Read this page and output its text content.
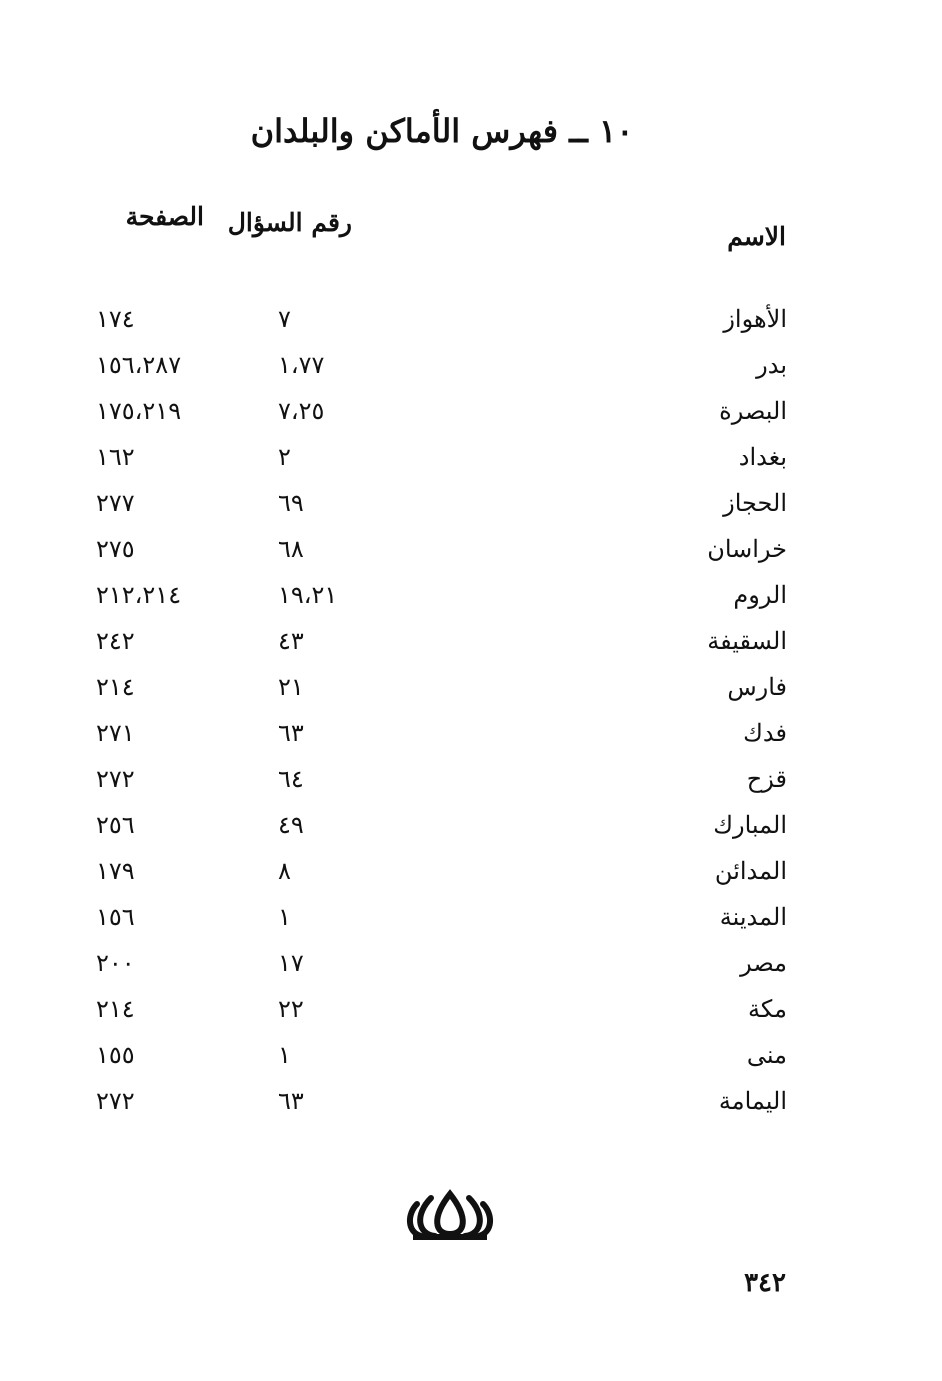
١٠ ــ فهرس الأماكن والبلدان
الاسم
رقم السؤال
الصفحة
الأهواز
٧
١٧٤
بدر
١،٧٧
١٥٦،٢٨٧
البصرة
٧،٢٥
١٧٥،٢١٩
بغداد
٢
١٦٢
الحجاز
٦٩
٢٧٧
خراسان
٦٨
٢٧٥
الروم
١٩،٢١
٢١٢،٢١٤
السقيفة
٤٣
٢٤٢
فارس
٢١
٢١٤
فدك
٦٣
٢٧١
قزح
٦٤
٢٧٢
المبارك
٤٩
٢٥٦
المدائن
٨
١٧٩
المدينة
١
١٥٦
مصر
١٧
٢٠٠
مكة
٢٢
٢١٤
منى
١
١٥٥
اليمامة
٦٣
٢٧٢
٣٤٢
